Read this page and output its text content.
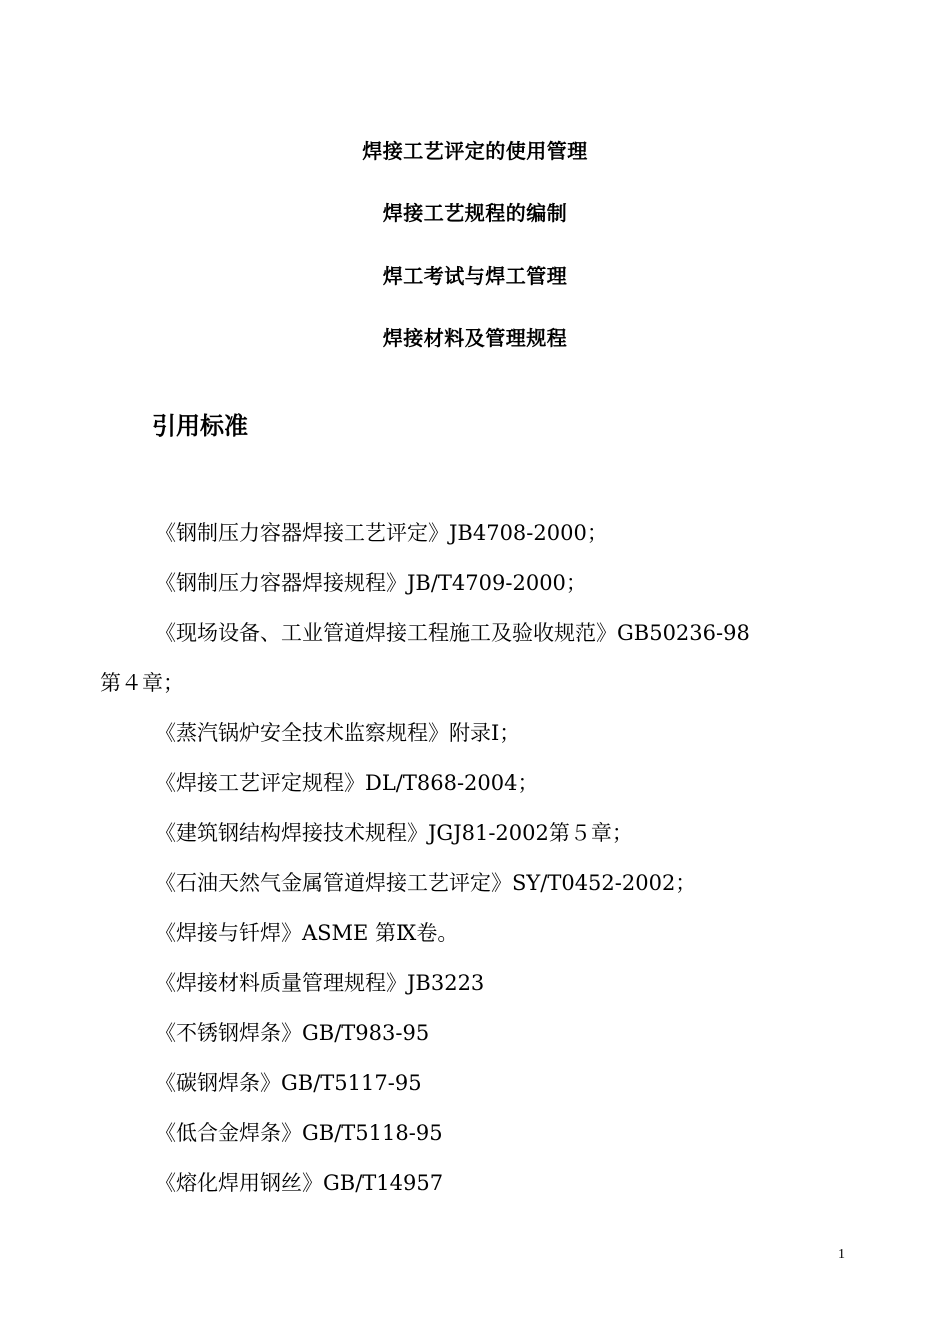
焊接工艺评定的使用管理
焊接工艺规程的编制
焊工考试与焊工管理
焊接材料及管理规程
引用标准
《钢制压力容器焊接工艺评定》JB4708-2000；
《钢制压力容器焊接规程》JB/T4709-2000；
《现场设备、工业管道焊接工程施工及验收规范》GB50236-98
第４章；
《蒸汽锅炉安全技术监察规程》附录Ⅰ；
《焊接工艺评定规程》DL/T868-2004；
《建筑钢结构焊接技术规程》JGJ81-2002第５章；
《石油天然气金属管道焊接工艺评定》SY/T0452-2002；
《焊接与钎焊》ASME 第Ⅸ卷。
《焊接材料质量管理规程》JB3223
《不锈钢焊条》GB/T983-95
《碳钢焊条》GB/T5117-95
《低合金焊条》GB/T5118-95
《熔化焊用钢丝》GB/T14957
1
